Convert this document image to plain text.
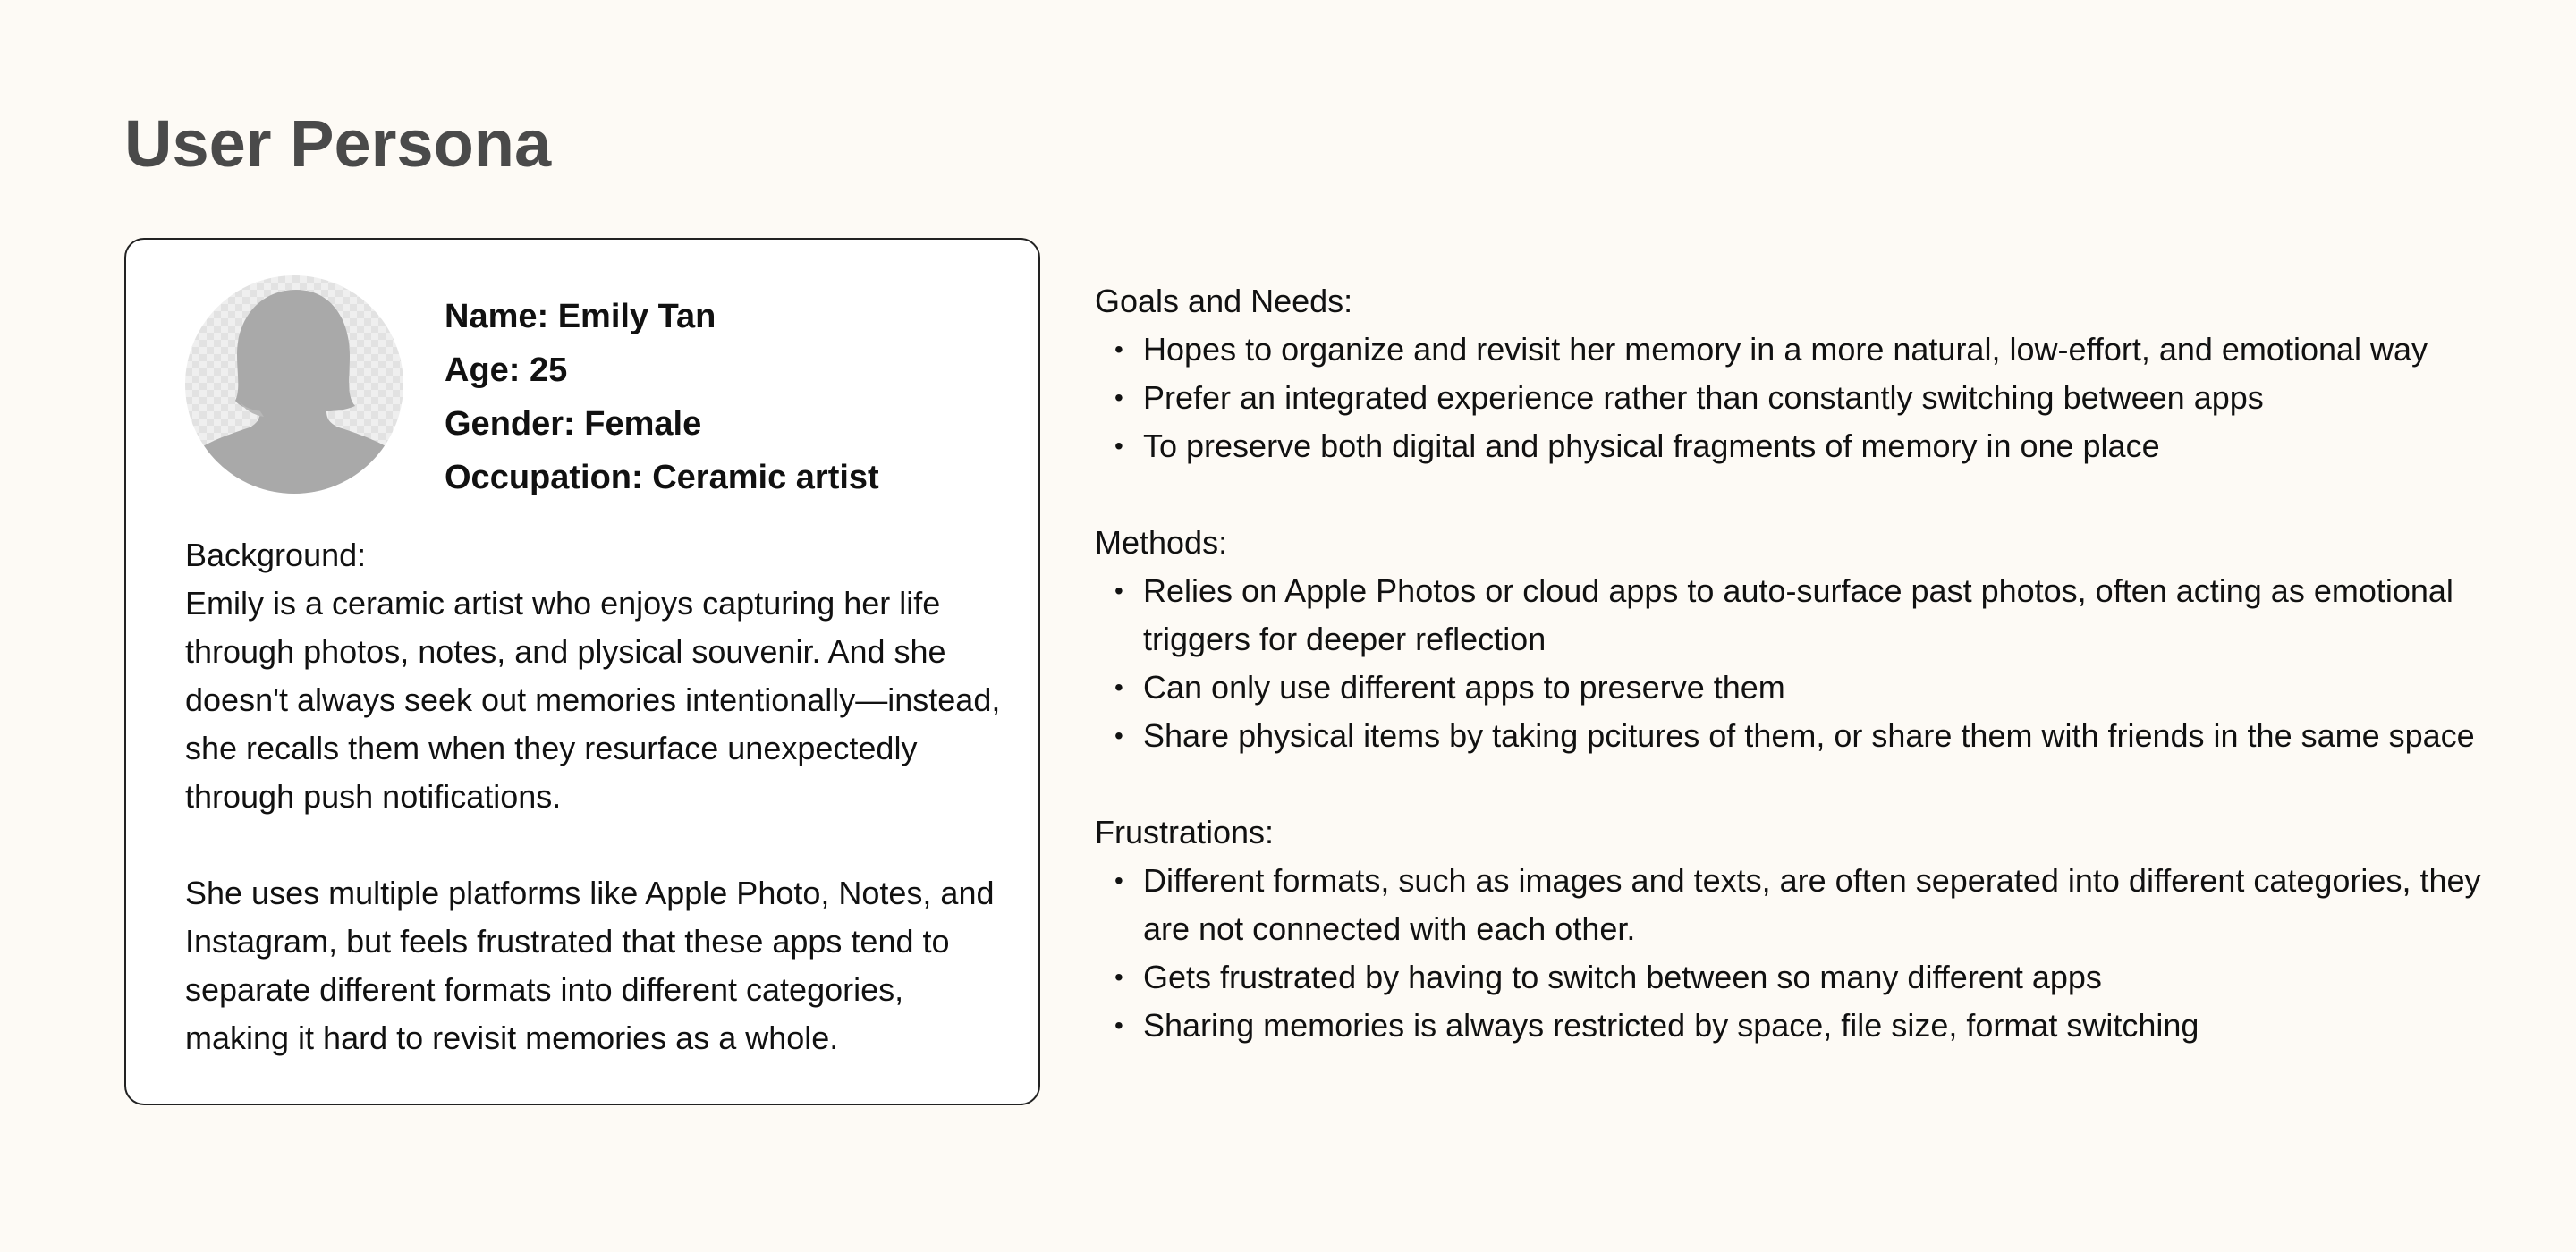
User Persona
Name: Emily Tan
Age: 25
Gender: Female
Occupation: Ceramic artist

Background:

Emily is a ceramic artist who enjoys capturing her life through photos, notes, and plysical souvenir. And she doesn't always seek out memories intentionally—instead, she recalls them when they resurface unexpectedly through push notifications.

She uses multiple platforms like Apple Photo, Notes, and Instagram, but feels frustrated that these apps tend to separate different formats into different categories, making it hard to revisit memories as a whole.

Goals and Needs:

• Hopes to organize and revisit her memory in a more natural, low-effort, and emotional way
• Prefer an integrated experience rather than constantly switching between apps
• To preserve both digital and physical fragments of memory in one place

Methods:

• Relies on Apple Photos or cloud apps to auto-surface past photos, often acting as emotional triggers for deeper reflection
• Can only use different apps to preserve them
• Share physical items by taking pcitures of them, or share them with friends in the same space

Frustrations:

• Different formats, such as images and texts, are often seperated into different categories, they are not connected with each other.
• Gets frustrated by having to switch between so many different apps
• Sharing memories is always restricted by space, file size, format switching
